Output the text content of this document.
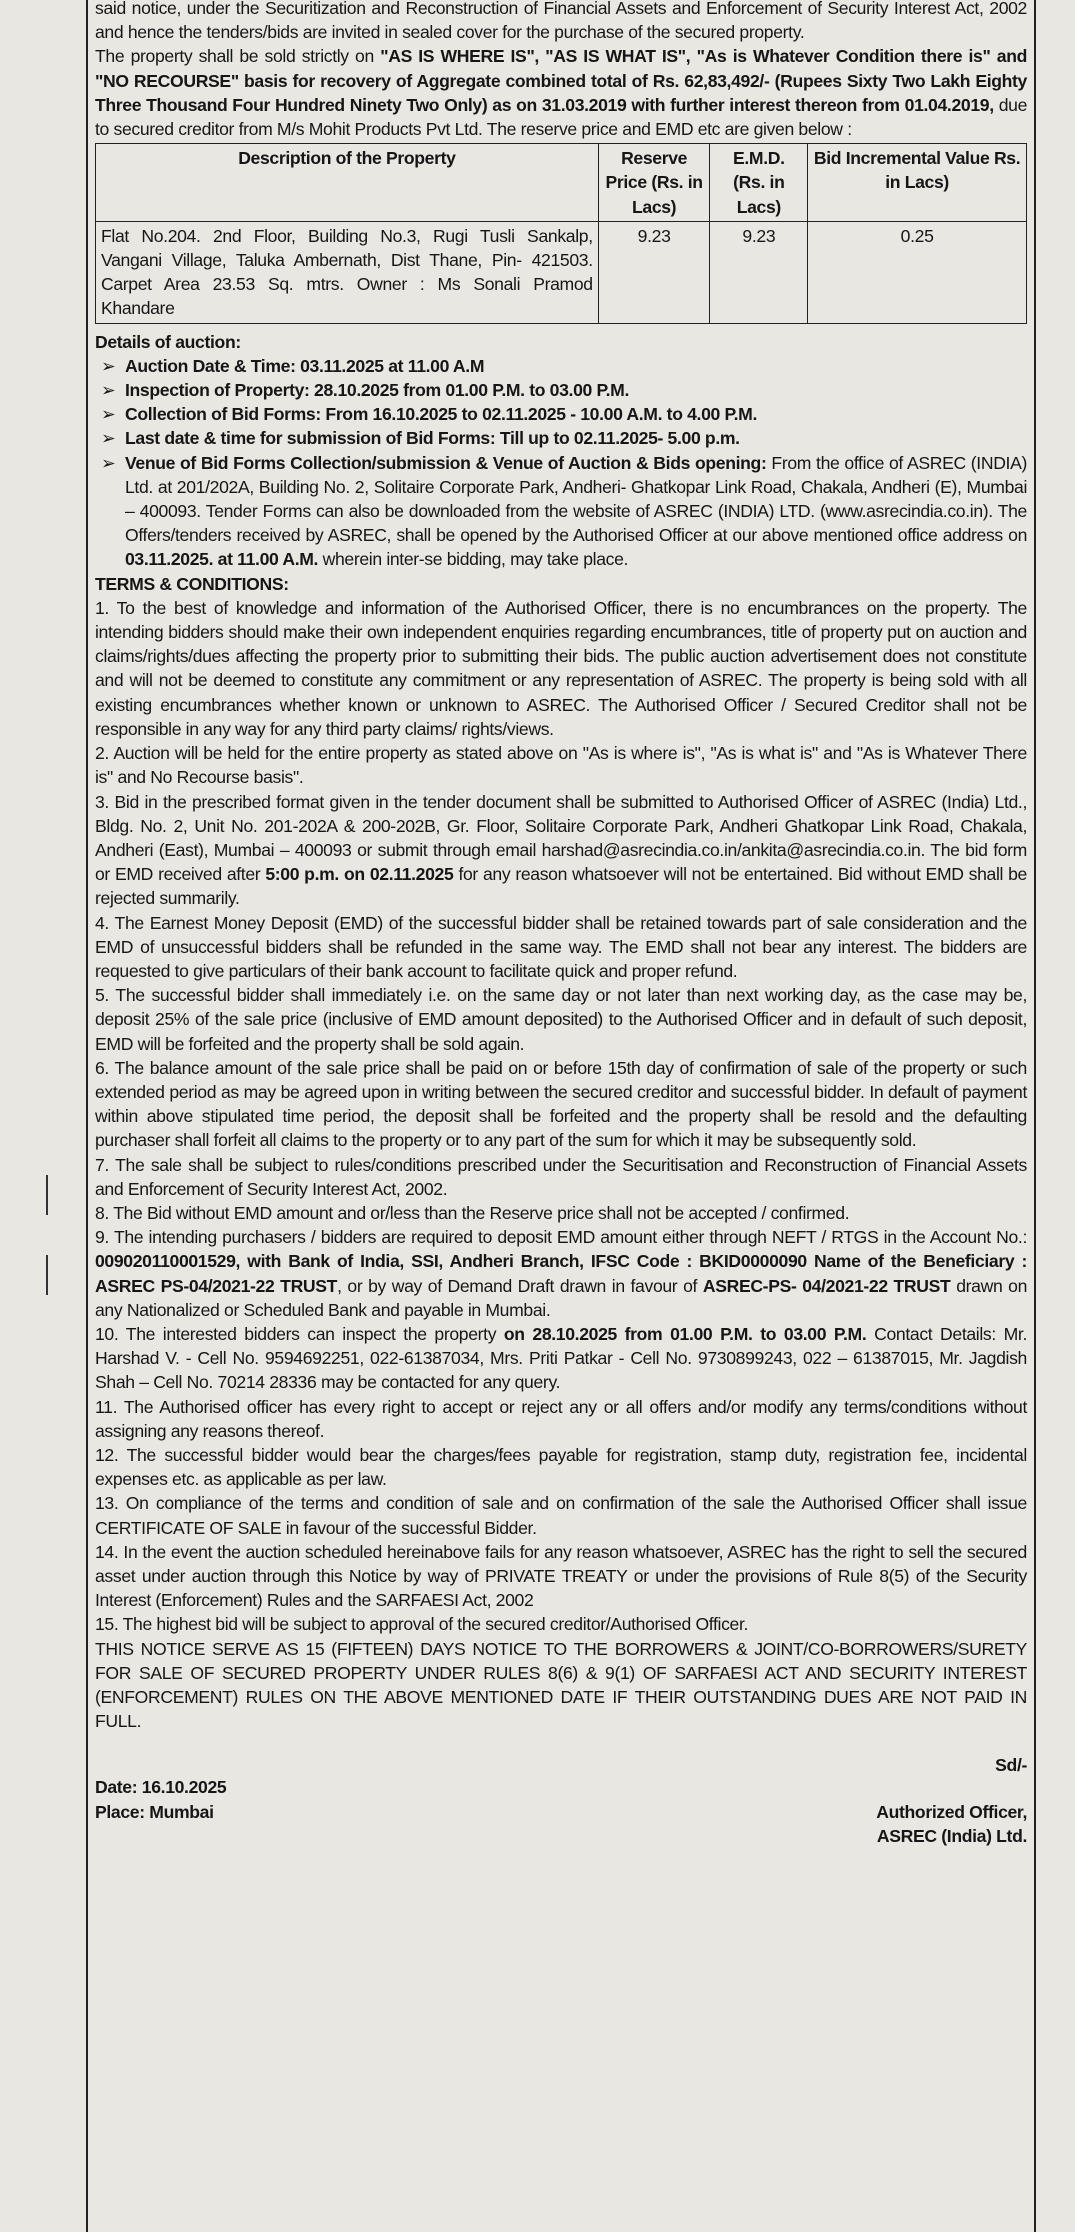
said notice, under the Securitization and Reconstruction of Financial Assets and Enforcement of Security Interest Act, 2002 and hence the tenders/bids are invited in sealed cover for the purchase of the secured property.

The property shall be sold strictly on "AS IS WHERE IS", "AS IS WHAT IS", "As is Whatever Condition there is" and "NO RECOURSE" basis for recovery of Aggregate combined total of Rs. 62,83,492/- (Rupees Sixty Two Lakh Eighty Three Thousand Four Hundred Ninety Two Only) as on 31.03.2019 with further interest thereon from 01.04.2019, due to secured creditor from M/s Mohit Products Pvt Ltd. The reserve price and EMD etc are given below :

Description of the Property	Reserve Price (Rs. in Lacs)	E.M.D. (Rs. in Lacs)	Bid Incremental Value Rs. in Lacs)
Flat No.204. 2nd Floor, Building No.3, Rugi Tusli Sankalp, Vangani Village, Taluka Ambernath, Dist Thane, Pin- 421503. Carpet Area 23.53 Sq. mtrs. Owner : Ms Sonali Pramod Khandare	9.23	9.23	0.25

Details of auction:

➢ Auction Date & Time: 03.11.2025 at 11.00 A.M
➢ Inspection of Property: 28.10.2025 from 01.00 P.M. to 03.00 P.M.
➢ Collection of Bid Forms: From 16.10.2025 to 02.11.2025 - 10.00 A.M. to 4.00 P.M.
➢ Last date & time for submission of Bid Forms: Till up to 02.11.2025- 5.00 p.m.
➢ Venue of Bid Forms Collection/submission & Venue of Auction & Bids opening: From the office of ASREC (INDIA) Ltd. at 201/202A, Building No. 2, Solitaire Corporate Park, Andheri- Ghatkopar Link Road, Chakala, Andheri (E), Mumbai – 400093. Tender Forms can also be downloaded from the website of ASREC (INDIA) LTD. (www.asrecindia.co.in). The Offers/tenders received by ASREC, shall be opened by the Authorised Officer at our above mentioned office address on 03.11.2025. at 11.00 A.M. wherein inter-se bidding, may take place.

TERMS & CONDITIONS:

1. To the best of knowledge and information of the Authorised Officer, there is no encumbrances on the property. The intending bidders should make their own independent enquiries regarding encumbrances, title of property put on auction and claims/rights/dues affecting the property prior to submitting their bids. The public auction advertisement does not constitute and will not be deemed to constitute any commitment or any representation of ASREC. The property is being sold with all existing encumbrances whether known or unknown to ASREC. The Authorised Officer / Secured Creditor shall not be responsible in any way for any third party claims/ rights/views.

2. Auction will be held for the entire property as stated above on "As is where is", "As is what is" and "As is Whatever There is" and No Recourse basis".

3. Bid in the prescribed format given in the tender document shall be submitted to Authorised Officer of ASREC (India) Ltd., Bldg. No. 2, Unit No. 201-202A & 200-202B, Gr. Floor, Solitaire Corporate Park, Andheri Ghatkopar Link Road, Chakala, Andheri (East), Mumbai – 400093 or submit through email harshad@asrecindia.co.in/ankita@asrecindia.co.in. The bid form or EMD received after 5:00 p.m. on 02.11.2025 for any reason whatsoever will not be entertained. Bid without EMD shall be rejected summarily.

4. The Earnest Money Deposit (EMD) of the successful bidder shall be retained towards part of sale consideration and the EMD of unsuccessful bidders shall be refunded in the same way. The EMD shall not bear any interest. The bidders are requested to give particulars of their bank account to facilitate quick and proper refund.

5. The successful bidder shall immediately i.e. on the same day or not later than next working day, as the case may be, deposit 25% of the sale price (inclusive of EMD amount deposited) to the Authorised Officer and in default of such deposit, EMD will be forfeited and the property shall be sold again.

6. The balance amount of the sale price shall be paid on or before 15th day of confirmation of sale of the property or such extended period as may be agreed upon in writing between the secured creditor and successful bidder. In default of payment within above stipulated time period, the deposit shall be forfeited and the property shall be resold and the defaulting purchaser shall forfeit all claims to the property or to any part of the sum for which it may be subsequently sold.

7. The sale shall be subject to rules/conditions prescribed under the Securitisation and Reconstruction of Financial Assets and Enforcement of Security Interest Act, 2002.

8. The Bid without EMD amount and or/less than the Reserve price shall not be accepted / confirmed.

9. The intending purchasers / bidders are required to deposit EMD amount either through NEFT / RTGS in the Account No.: 009020110001529, with Bank of India, SSI, Andheri Branch, IFSC Code : BKID0000090 Name of the Beneficiary : ASREC PS-04/2021-22 TRUST, or by way of Demand Draft drawn in favour of ASREC-PS- 04/2021-22 TRUST drawn on any Nationalized or Scheduled Bank and payable in Mumbai.

10. The interested bidders can inspect the property on 28.10.2025 from 01.00 P.M. to 03.00 P.M. Contact Details: Mr. Harshad V. - Cell No. 9594692251, 022-61387034, Mrs. Priti Patkar - Cell No. 9730899243, 022 – 61387015, Mr. Jagdish Shah – Cell No. 70214 28336 may be contacted for any query.

11. The Authorised officer has every right to accept or reject any or all offers and/or modify any terms/conditions without assigning any reasons thereof.

12. The successful bidder would bear the charges/fees payable for registration, stamp duty, registration fee, incidental expenses etc. as applicable as per law.

13. On compliance of the terms and condition of sale and on confirmation of the sale the Authorised Officer shall issue CERTIFICATE OF SALE in favour of the successful Bidder.

14. In the event the auction scheduled hereinabove fails for any reason whatsoever, ASREC has the right to sell the secured asset under auction through this Notice by way of PRIVATE TREATY or under the provisions of Rule 8(5) of the Security Interest (Enforcement) Rules and the SARFAESI Act, 2002

15. The highest bid will be subject to approval of the secured creditor/Authorised Officer.

THIS NOTICE SERVE AS 15 (FIFTEEN) DAYS NOTICE TO THE BORROWERS & JOINT/CO-BORROWERS/SURETY FOR SALE OF SECURED PROPERTY UNDER RULES 8(6) & 9(1) OF SARFAESI ACT AND SECURITY INTEREST (ENFORCEMENT) RULES ON THE ABOVE MENTIONED DATE IF THEIR OUTSTANDING DUES ARE NOT PAID IN FULL.

Date: 16.10.2025
Place: Mumbai
Sd/-
Authorized Officer,
ASREC (India) Ltd.
